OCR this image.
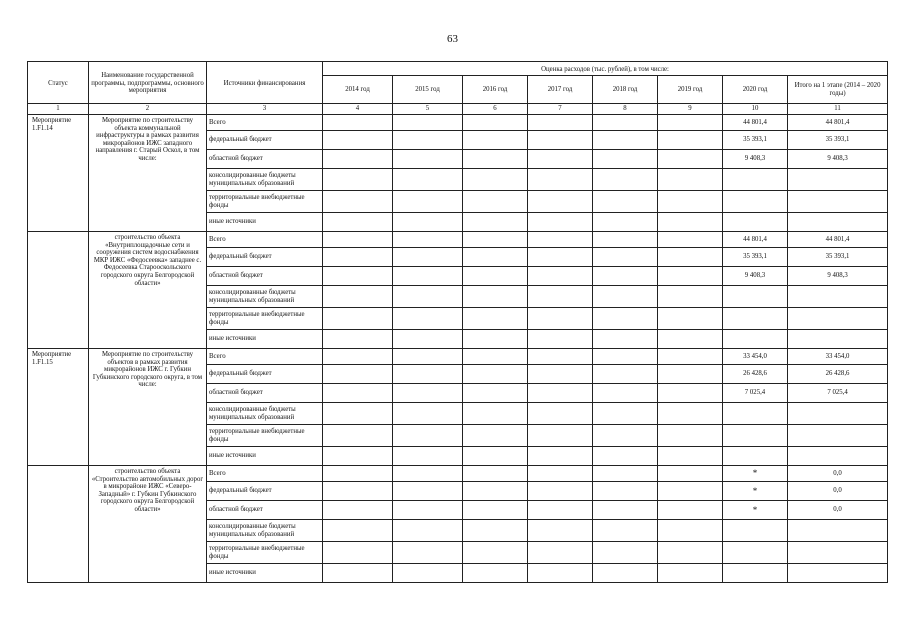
63
Статус	Наименование государственной программы, подпрограммы, основного мероприятия	Источники финансирования	Оценка расходов (тыс. рублей), в том числе:							
			2014 год	2015 год	2016 год	2017 год	2018 год	2019 год	2020 год	Итого на 1 этапе (2014 – 2020 годы)
1	2	3	4	5	6	7	8	9	10	11
Мероприятие 1.F1.14	Мероприятие по строительству объекта коммунальной инфраструктуры в рамках развития микрорайонов ИЖС западного направления г. Старый Оскол, в том числе:	Всего							44 801,4	44 801,4
		федеральный бюджет							35 393,1	35 393,1
		областной бюджет							9 408,3	9 408,3
		консолидированные бюджеты муниципальных образований								
		территориальные внебюджетные фонды								
		иные источники								
	строительство объекта «Внутриплощадочные сети и сооружения систем водоснабжения МКР ИЖС «Федосеевка» западнее с. Федосеевка Старооскольского городского округа Белгородской области»	Всего							44 801,4	44 801,4
		федеральный бюджет							35 393,1	35 393,1
		областной бюджет							9 408,3	9 408,3
		консолидированные бюджеты муниципальных образований								
		территориальные внебюджетные фонды								
		иные источники								
Мероприятие 1.F1.15	Мероприятие по строительству объектов в рамках развития микрорайонов ИЖС г. Губкин Губкинского городского округа, в том числе:	Всего							33 454,0	33 454,0
		федеральный бюджет							26 428,6	26 428,6
		областной бюджет							7 025,4	7 025,4
		консолидированные бюджеты муниципальных образований								
		территориальные внебюджетные фонды								
		иные источники								
	строительство объекта «Строительство автомобильных дорог в микрорайоне ИЖС «Северо-Западный» г. Губкин Губкинского городского округа Белгородской области»	Всего							*	0,0
		федеральный бюджет							*	0,0
		областной бюджет							*	0,0
		консолидированные бюджеты муниципальных образований								
		территориальные внебюджетные фонды								
		иные источники								
